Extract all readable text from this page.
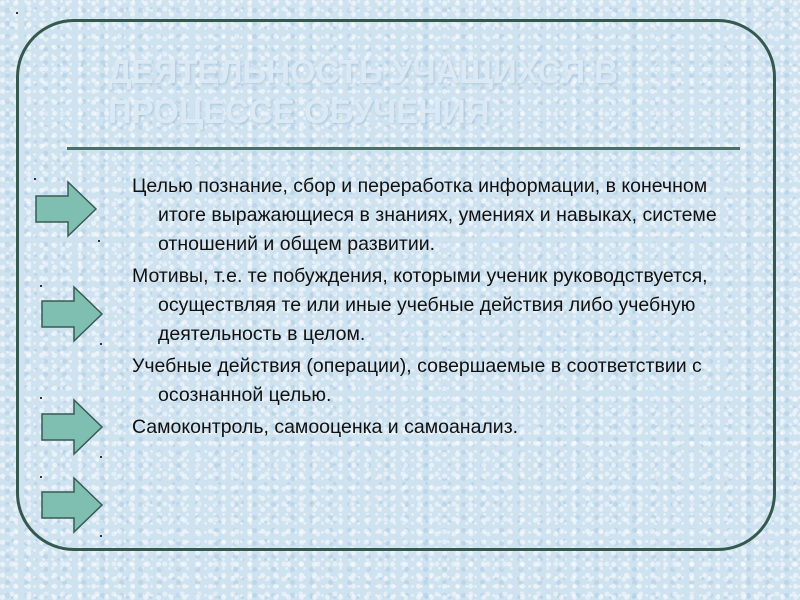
ДЕЯТЕЛЬНОСТЬ УЧАЩИХСЯ В ПРОЦЕССЕ ОБУЧЕНИЯ
Целью познание, сбор и переработка информации, в конечном итоге выражающиеся в знаниях, умениях и навыках, системе отношений и общем развитии.
Мотивы, т.е. те побуждения, которыми ученик руководствуется, осуществляя те или иные учебные действия либо учебную    деятельность в целом.
Учебные действия (операции), совершаемые в соответствии с осознанной целью.
Самоконтроль, самооценка и самоанализ.
